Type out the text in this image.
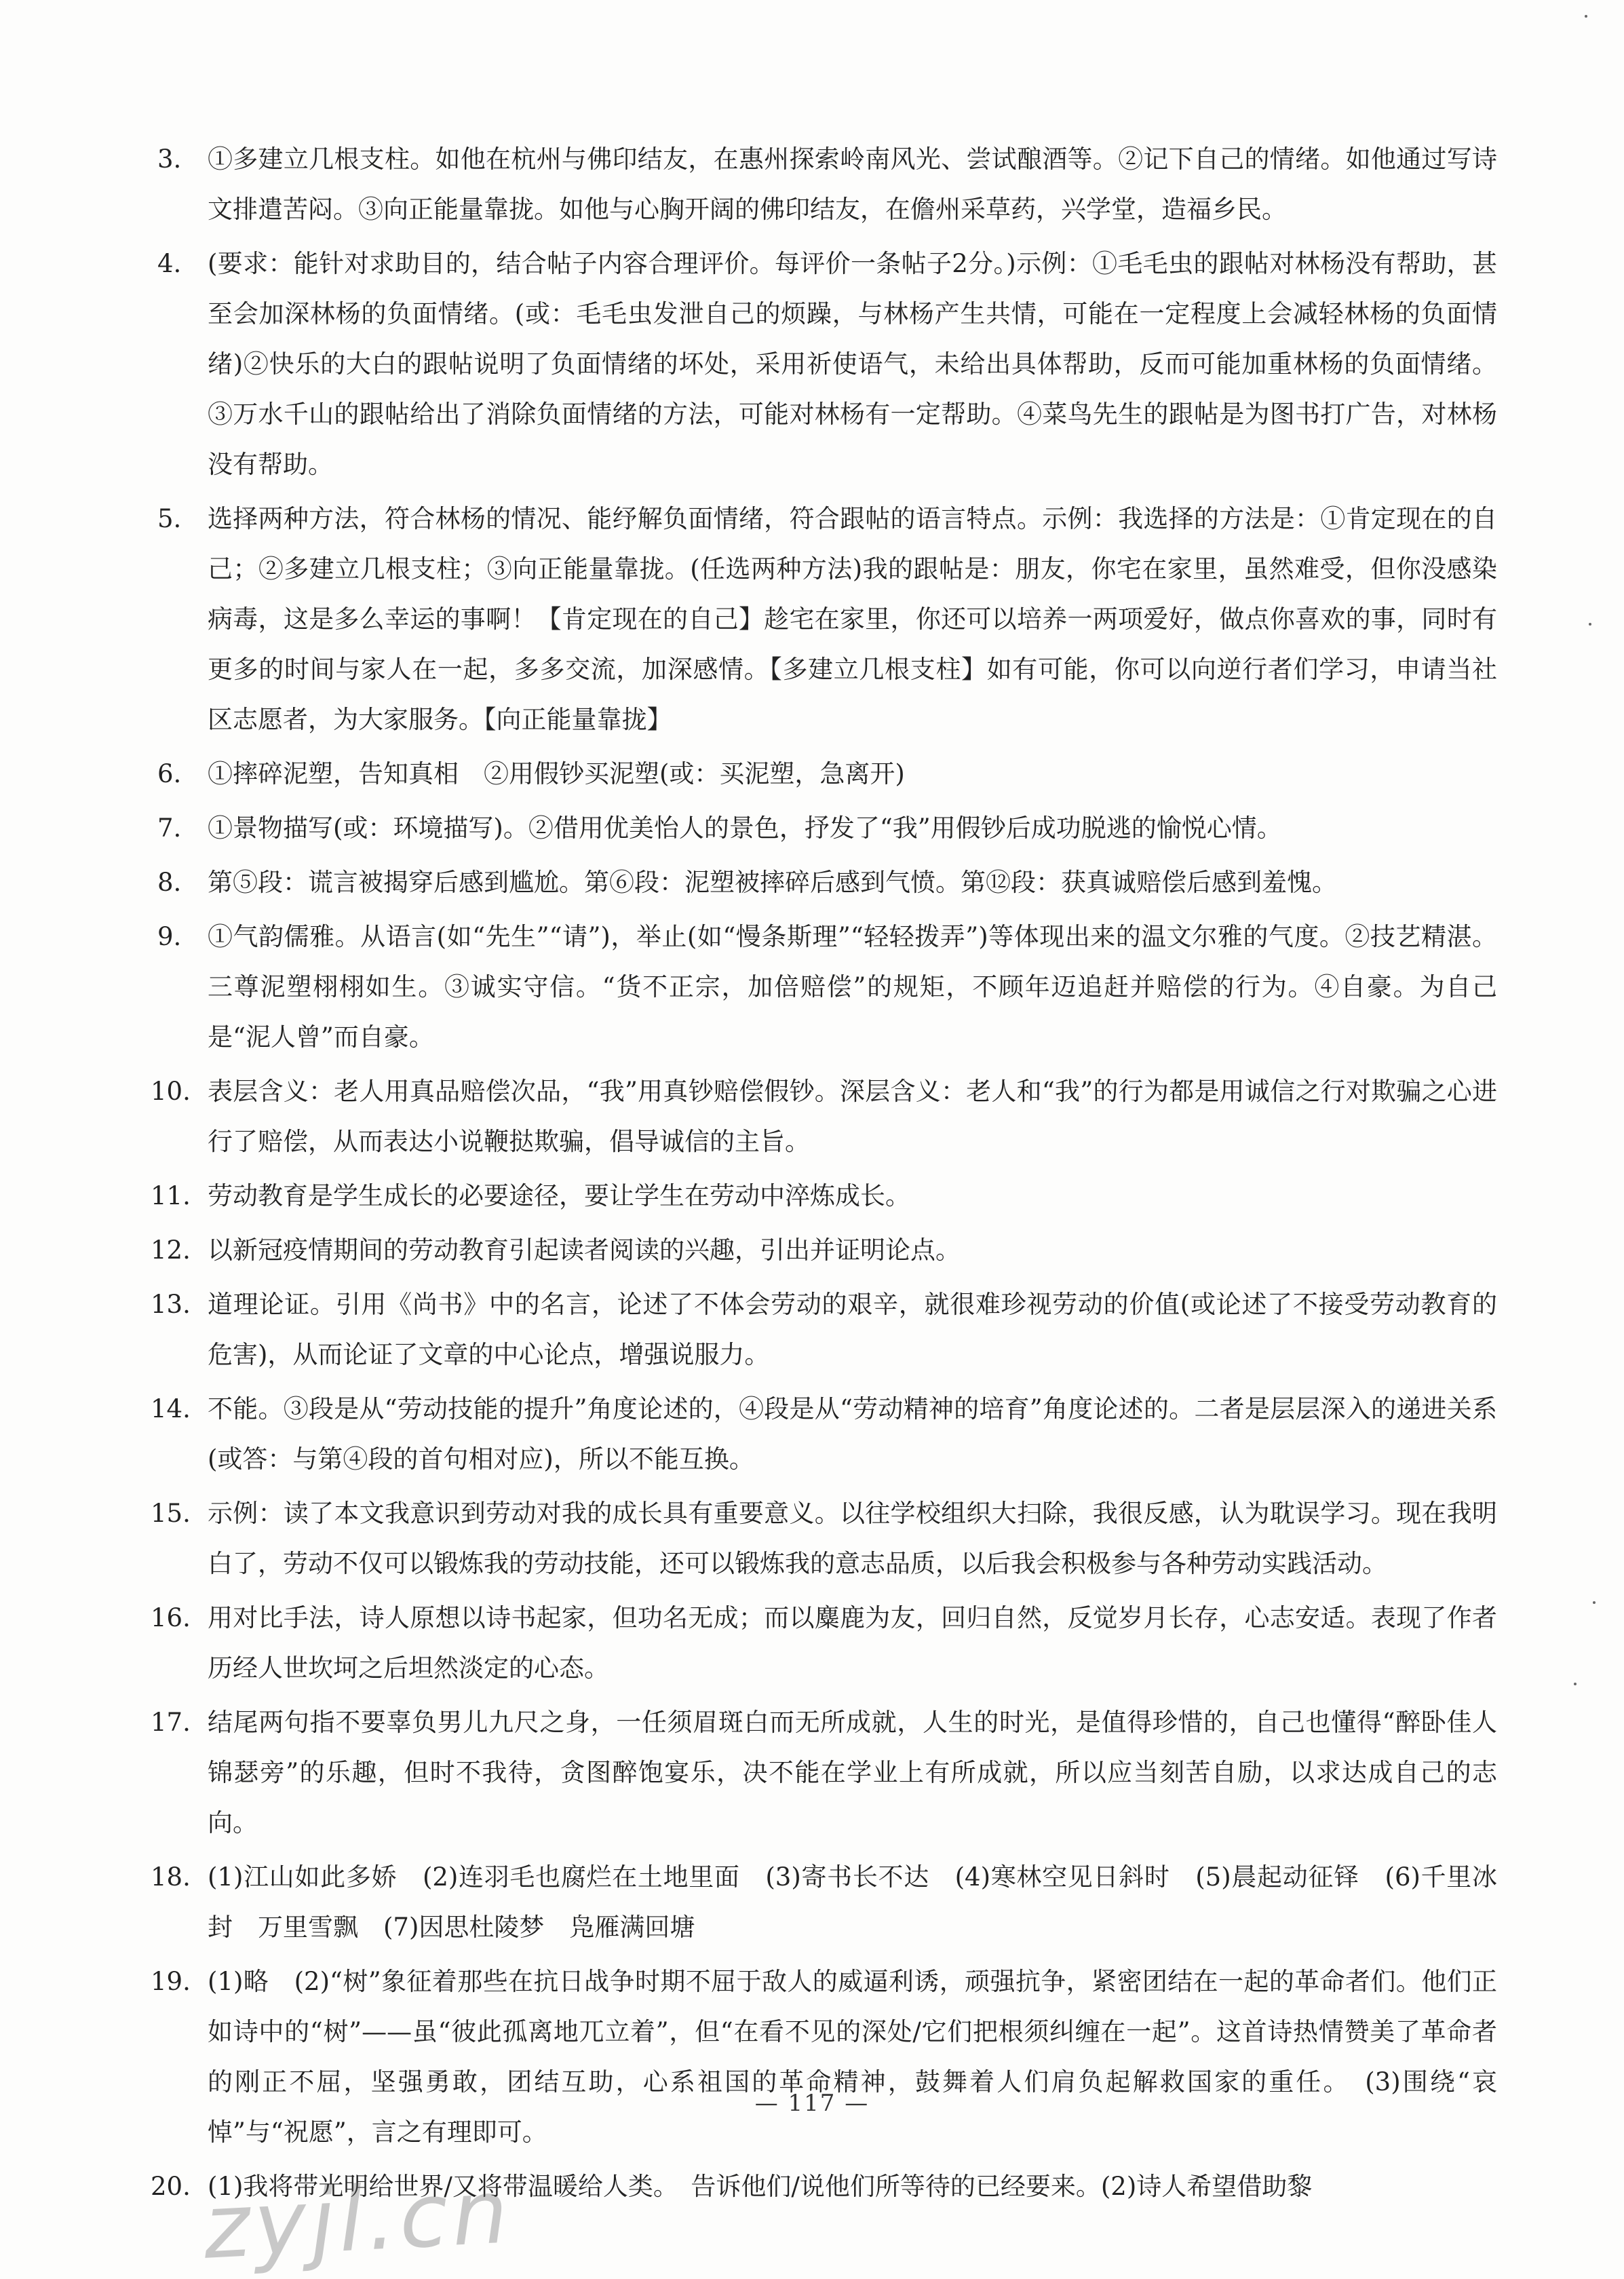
3.	①多建立几根支柱。如他在杭州与佛印结友，在惠州探索岭南风光、尝试酿酒等。②记下自己的情绪。如他通过写诗文排遣苦闷。③向正能量靠拢。如他与心胸开阔的佛印结友，在儋州采草药，兴学堂，造福乡民。
4.	(要求：能针对求助目的，结合帖子内容合理评价。每评价一条帖子2分。)示例：①毛毛虫的跟帖对林杨没有帮助，甚至会加深林杨的负面情绪。(或：毛毛虫发泄自己的烦躁，与林杨产生共情，可能在一定程度上会减轻林杨的负面情绪)②快乐的大白的跟帖说明了负面情绪的坏处，采用祈使语气，未给出具体帮助，反而可能加重林杨的负面情绪。③万水千山的跟帖给出了消除负面情绪的方法，可能对林杨有一定帮助。④菜鸟先生的跟帖是为图书打广告，对林杨没有帮助。
5.	选择两种方法，符合林杨的情况、能纾解负面情绪，符合跟帖的语言特点。示例：我选择的方法是：①肯定现在的自己；②多建立几根支柱；③向正能量靠拢。(任选两种方法)我的跟帖是：朋友，你宅在家里，虽然难受，但你没感染病毒，这是多么幸运的事啊！【肯定现在的自己】趁宅在家里，你还可以培养一两项爱好，做点你喜欢的事，同时有更多的时间与家人在一起，多多交流，加深感情。【多建立几根支柱】如有可能，你可以向逆行者们学习，申请当社区志愿者，为大家服务。【向正能量靠拢】
6.	①摔碎泥塑，告知真相　②用假钞买泥塑(或：买泥塑，急离开)
7.	①景物描写(或：环境描写)。②借用优美怡人的景色，抒发了“我”用假钞后成功脱逃的愉悦心情。
8.	第⑤段：谎言被揭穿后感到尴尬。第⑥段：泥塑被摔碎后感到气愤。第⑫段：获真诚赔偿后感到羞愧。
9.	①气韵儒雅。从语言(如“先生”“请”)，举止(如“慢条斯理”“轻轻拨弄”)等体现出来的温文尔雅的气度。②技艺精湛。三尊泥塑栩栩如生。③诚实守信。“货不正宗，加倍赔偿”的规矩，不顾年迈追赶并赔偿的行为。④自豪。为自己是“泥人曾”而自豪。
10. 表层含义：老人用真品赔偿次品，“我”用真钞赔偿假钞。深层含义：老人和“我”的行为都是用诚信之行对欺骗之心进行了赔偿，从而表达小说鞭挞欺骗，倡导诚信的主旨。
11. 劳动教育是学生成长的必要途径，要让学生在劳动中淬炼成长。
12. 以新冠疫情期间的劳动教育引起读者阅读的兴趣，引出并证明论点。
13. 道理论证。引用《尚书》中的名言，论述了不体会劳动的艰辛，就很难珍视劳动的价值(或论述了不接受劳动教育的危害)，从而论证了文章的中心论点，增强说服力。
14. 不能。③段是从“劳动技能的提升”角度论述的，④段是从“劳动精神的培育”角度论述的。二者是层层深入的递进关系(或答：与第④段的首句相对应)，所以不能互换。
15. 示例：读了本文我意识到劳动对我的成长具有重要意义。以往学校组织大扫除，我很反感，认为耽误学习。现在我明白了，劳动不仅可以锻炼我的劳动技能，还可以锻炼我的意志品质，以后我会积极参与各种劳动实践活动。
16. 用对比手法，诗人原想以诗书起家，但功名无成；而以麋鹿为友，回归自然，反觉岁月长存，心志安适。表现了作者历经人世坎坷之后坦然淡定的心态。
17. 结尾两句指不要辜负男儿九尺之身，一任须眉斑白而无所成就，人生的时光，是值得珍惜的，自己也懂得“醉卧佳人锦瑟旁”的乐趣，但时不我待，贪图醉饱宴乐，决不能在学业上有所成就，所以应当刻苦自励，以求达成自己的志向。
18. (1)江山如此多娇　(2)连羽毛也腐烂在土地里面　(3)寄书长不达　(4)寒林空见日斜时　(5)晨起动征铎　(6)千里冰封　万里雪飘　(7)因思杜陵梦　凫雁满回塘
19. (1)略　(2)“树”象征着那些在抗日战争时期不屈于敌人的威逼利诱，顽强抗争，紧密团结在一起的革命者们。他们正如诗中的“树”——虽“彼此孤离地兀立着”，但“在看不见的深处/它们把根须纠缠在一起”。这首诗热情赞美了革命者的刚正不屈，坚强勇敢，团结互助，心系祖国的革命精神，鼓舞着人们肩负起解救国家的重任。　(3)围绕“哀悼”与“祝愿”，言之有理即可。
20. (1)我将带光明给世界/又将带温暖给人类。　告诉他们/说他们所等待的已经要来。(2)诗人希望借助黎
— 117 —
zyjl.cn
